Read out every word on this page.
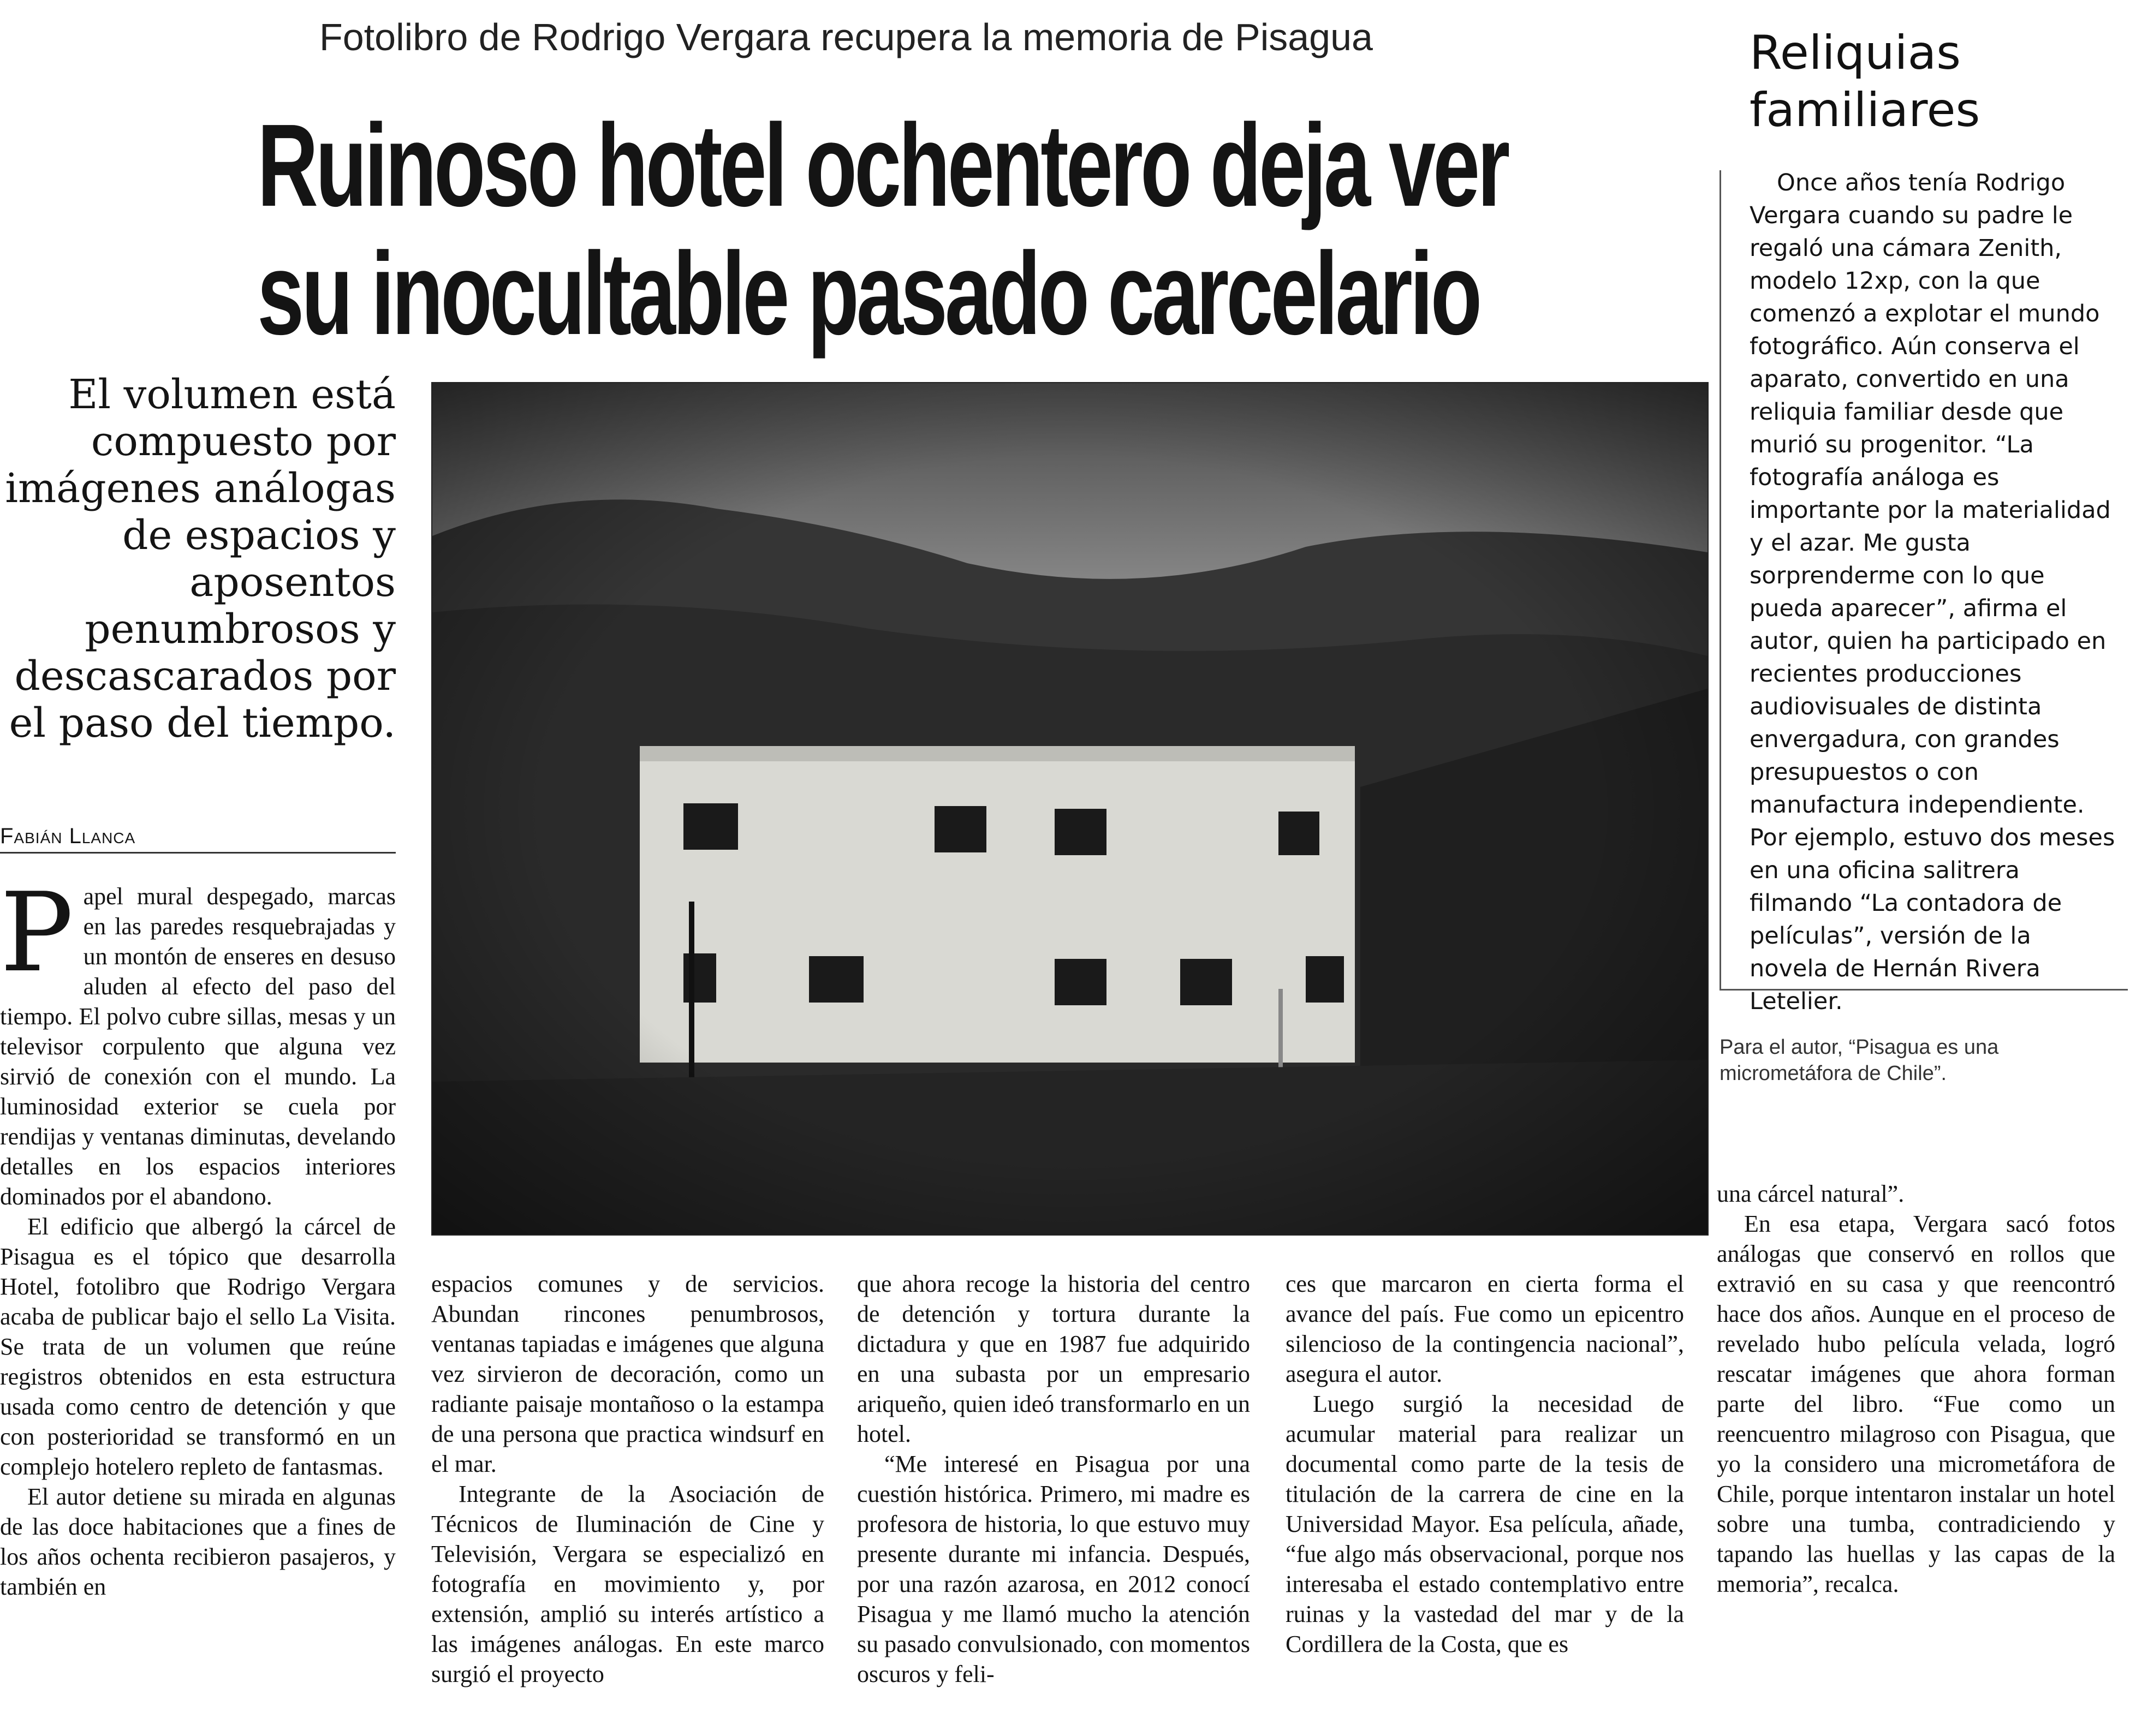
Fotolibro de Rodrigo Vergara recupera la memoria de Pisagua
Ruinoso hotel ochentero deja ver
su inocultable pasado carcelario
El volumen está compuesto por imágenes análogas de espacios y aposentos penumbrosos y descascarados por el paso del tiempo.
Fabián Llanca

Papel mural despegado, marcas en las paredes resquebrajadas y un montón de enseres en desuso aluden al efecto del paso del tiempo. El polvo cubre sillas, mesas y un televisor corpulento que alguna vez sirvió de conexión con el mundo. La luminosidad exterior se cuela por rendijas y ventanas diminutas, develando detalles en los espacios interiores dominados por el abandono.

El edificio que albergó la cárcel de Pisagua es el tópico que desarrolla Hotel, fotolibro que Rodrigo Vergara acaba de publicar bajo el sello La Visita. Se trata de un volumen que reúne registros obtenidos en esta estructura usada como centro de detención y que con posterioridad se transformó en un complejo hotelero repleto de fantasmas.

El autor detiene su mirada en algunas de las doce habitaciones que a fines de los años ochenta recibieron pasajeros, y también en

espacios comunes y de servicios. Abundan rincones penumbrosos, ventanas tapiadas e imágenes que alguna vez sirvieron de decoración, como un radiante paisaje montañoso o la estampa de una persona que practica windsurf en el mar.

Integrante de la Asociación de Técnicos de Iluminación de Cine y Televisión, Vergara se especializó en fotografía en movimiento y, por extensión, amplió su interés artístico a las imágenes análogas. En este marco surgió el proyecto

que ahora recoge la historia del centro de detención y tortura durante la dictadura y que en 1987 fue adquirido en una subasta por un empresario ariqueño, quien ideó transformarlo en un hotel.

“Me interesé en Pisagua por una cuestión histórica. Primero, mi madre es profesora de historia, lo que estuvo muy presente durante mi infancia. Después, por una razón azarosa, en 2012 conocí Pisagua y me llamó mucho la atención su pasado convulsionado, con momentos oscuros y feli-

ces que marcaron en cierta forma el avance del país. Fue como un epicentro silencioso de la contingencia nacional”, asegura el autor.

Luego surgió la necesidad de acumular material para realizar un documental como parte de la tesis de titulación de la carrera de cine en la Universidad Mayor. Esa película, añade, “fue algo más observacional, porque nos interesaba el estado contemplativo entre ruinas y la vastedad del mar y de la Cordillera de la Costa, que es

una cárcel natural”.

En esa etapa, Vergara sacó fotos análogas que conservó en rollos que extravió en su casa y que reencontró hace dos años. Aunque en el proceso de revelado hubo película velada, logró rescatar imágenes que ahora forman parte del libro. “Fue como un reencuentro milagroso con Pisagua, que yo la considero una micrometáfora de Chile, porque intentaron instalar un hotel sobre una tumba, contradiciendo y tapando las huellas y las capas de la memoria”, recalca.

Reliquias familiares

Once años tenía Rodrigo Vergara cuando su padre le regaló una cámara Zenith, modelo 12xp, con la que comenzó a explotar el mundo fotográfico. Aún conserva el aparato, convertido en una reliquia familiar desde que murió su progenitor. “La fotografía análoga es importante por la materialidad y el azar. Me gusta sorprenderme con lo que pueda aparecer”, afirma el autor, quien ha participado en recientes producciones audiovisuales de distinta envergadura, con grandes presupuestos o con manufactura independiente. Por ejemplo, estuvo dos meses en una oficina salitrera filmando “La contadora de películas”, versión de la novela de Hernán Rivera Letelier.

Para el autor, “Pisagua es una micrometáfora de Chile”.
